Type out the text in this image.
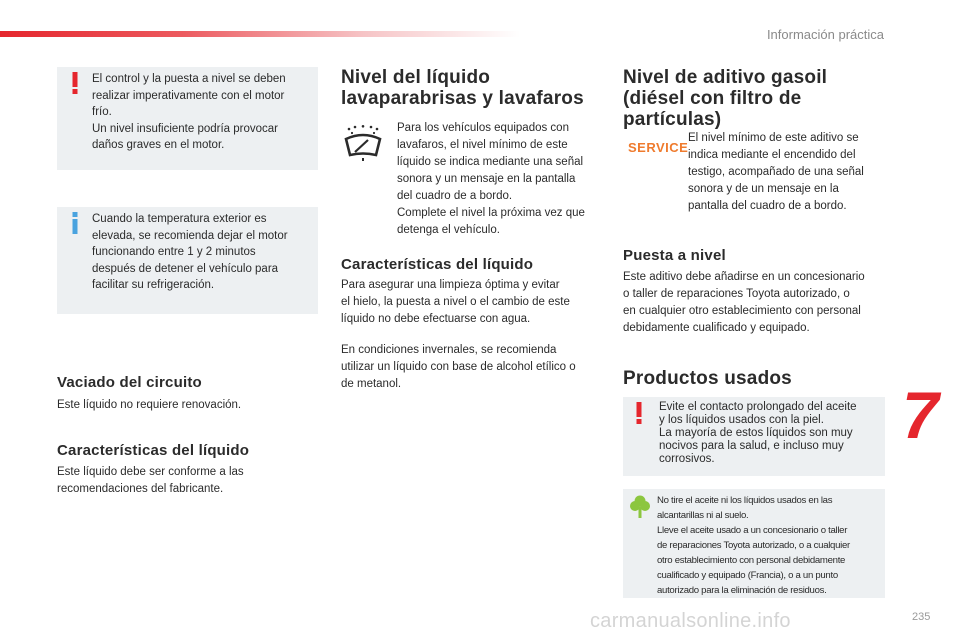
Información práctica
El control y la puesta a nivel se deben
realizar imperativamente con el motor
frío.
Un nivel insuficiente podría provocar
daños graves en el motor.
Cuando la temperatura exterior es
elevada, se recomienda dejar el motor
funcionando entre 1 y 2 minutos
después de detener el vehículo para
facilitar su refrigeración.
Vaciado del circuito
Este líquido no requiere renovación.
Características del líquido
Este líquido debe ser conforme a las
recomendaciones del fabricante.
Nivel del líquido
lavaparabrisas y lavafaros
Para los vehículos equipados con
lavafaros, el nivel mínimo de este
líquido se indica mediante una señal
sonora y un mensaje en la pantalla
del cuadro de a bordo.
Complete el nivel la próxima vez que
detenga el vehículo.
Características del líquido
Para asegurar una limpieza óptima y evitar
el hielo, la puesta a nivel o el cambio de este
líquido no debe efectuarse con agua.
En condiciones invernales, se recomienda
utilizar un líquido con base de alcohol etílico o
de metanol.
Nivel de aditivo gasoil
(diésel con filtro de
partículas)
SERVICE
El nivel mínimo de este aditivo se
indica mediante el encendido del
testigo, acompañado de una señal
sonora y de un mensaje en la
pantalla del cuadro de a bordo.
Puesta a nivel
Este aditivo debe añadirse en un concesionario
o taller de reparaciones Toyota autorizado, o
en cualquier otro establecimiento con personal
debidamente cualificado y equipado.
Productos usados
Evite el contacto prolongado del aceite
y los líquidos usados con la piel.
La mayoría de estos líquidos son muy
nocivos para la salud, e incluso muy
corrosivos.
No tire el aceite ni los líquidos usados en las
alcantarillas ni al suelo.
Lleve el aceite usado a un concesionario o taller
de reparaciones Toyota autorizado, o a cualquier
otro establecimiento con personal debidamente
cualificado y equipado (Francia), o a un punto
autorizado para la eliminación de residuos.
7
carmanualsonline.info	235
